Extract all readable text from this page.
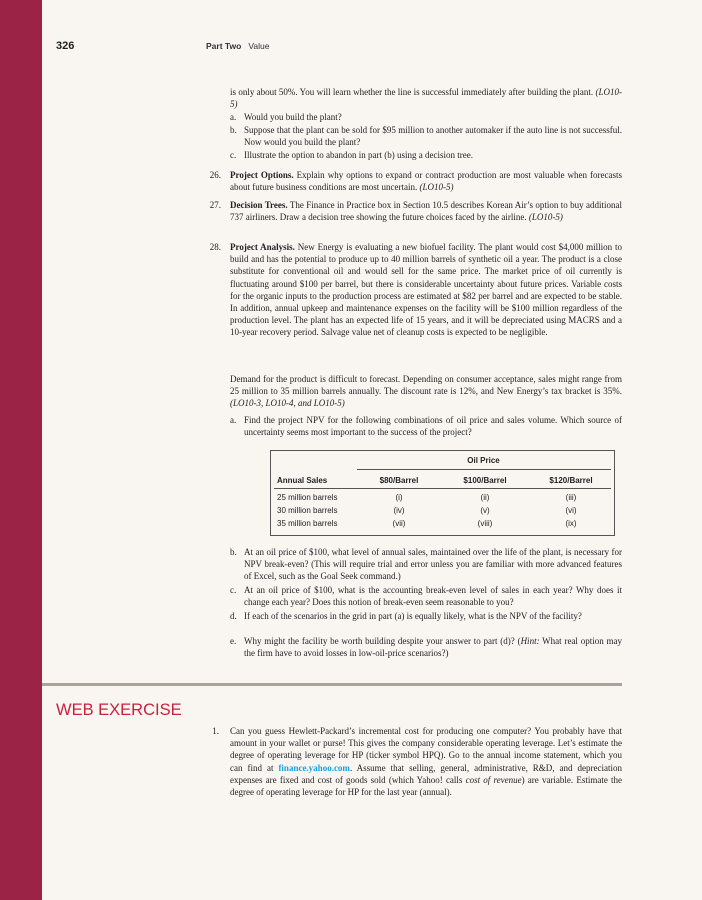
326	Part Two Value

is only about 50%. You will learn whether the line is successful immediately after building the plant. (LO10-5)

a. Would you build the plant?
b. Suppose that the plant can be sold for $95 million to another automaker if the auto line is not successful. Now would you build the plant?
c. Illustrate the option to abandon in part (b) using a decision tree.
26. Project Options. Explain why options to expand or contract production are most valuable when forecasts about future business conditions are most uncertain. (LO10-5)

27. Decision Trees. The Finance in Practice box in Section 10.5 describes Korean Air’s option to buy additional 737 airliners. Draw a decision tree showing the future choices faced by the airline. (LO10-5)

28. Project Analysis. New Energy is evaluating a new biofuel facility. The plant would cost $4,000 million to build and has the potential to produce up to 40 million barrels of synthetic oil a year. The product is a close substitute for conventional oil and would sell for the same price. The market price of oil currently is fluctuating around $100 per barrel, but there is considerable uncertainty about future prices. Variable costs for the organic inputs to the production process are estimated at $82 per barrel and are expected to be stable. In addition, annual upkeep and maintenance expenses on the facility will be $100 million regardless of the production level. The plant has an expected life of 15 years, and it will be depreciated using MACRS and a 10-year recovery period. Salvage value net of cleanup costs is expected to be negligible.

Demand for the product is difficult to forecast. Depending on consumer acceptance, sales might range from 25 million to 35 million barrels annually. The discount rate is 12%, and New Energy’s tax bracket is 35%. (LO10-3, LO10-4, and LO10-5)

a. Find the project NPV for the following combinations of oil price and sales volume. Which source of uncertainty seems most important to the success of the project?
Oil Price
Annual Sales	$80/Barrel	$100/Barrel	$120/Barrel
25 million barrels	(i)	(ii)	(iii)
30 million barrels	(iv)	(v)	(vi)
35 million barrels	(vii)	(viii)	(ix)
b. At an oil price of $100, what level of annual sales, maintained over the life of the plant, is necessary for NPV break-even? (This will require trial and error unless you are familiar with more advanced features of Excel, such as the Goal Seek command.)
c. At an oil price of $100, what is the accounting break-even level of sales in each year? Why does it change each year? Does this notion of break-even seem reasonable to you?
d. If each of the scenarios in the grid in part (a) is equally likely, what is the NPV of the facility?
e. Why might the facility be worth building despite your answer to part (d)? (Hint: What real option may the firm have to avoid losses in low-oil-price scenarios?)
WEB EXERCISE
1. Can you guess Hewlett-Packard’s incremental cost for producing one computer? You probably have that amount in your wallet or purse! This gives the company considerable operating leverage. Let’s estimate the degree of operating leverage for HP (ticker symbol HPQ). Go to the annual income statement, which you can find at finance.yahoo.com. Assume that selling, general, administrative, R&D, and depreciation expenses are fixed and cost of goods sold (which Yahoo! calls cost of revenue) are variable. Estimate the degree of operating leverage for HP for the last year (annual).
